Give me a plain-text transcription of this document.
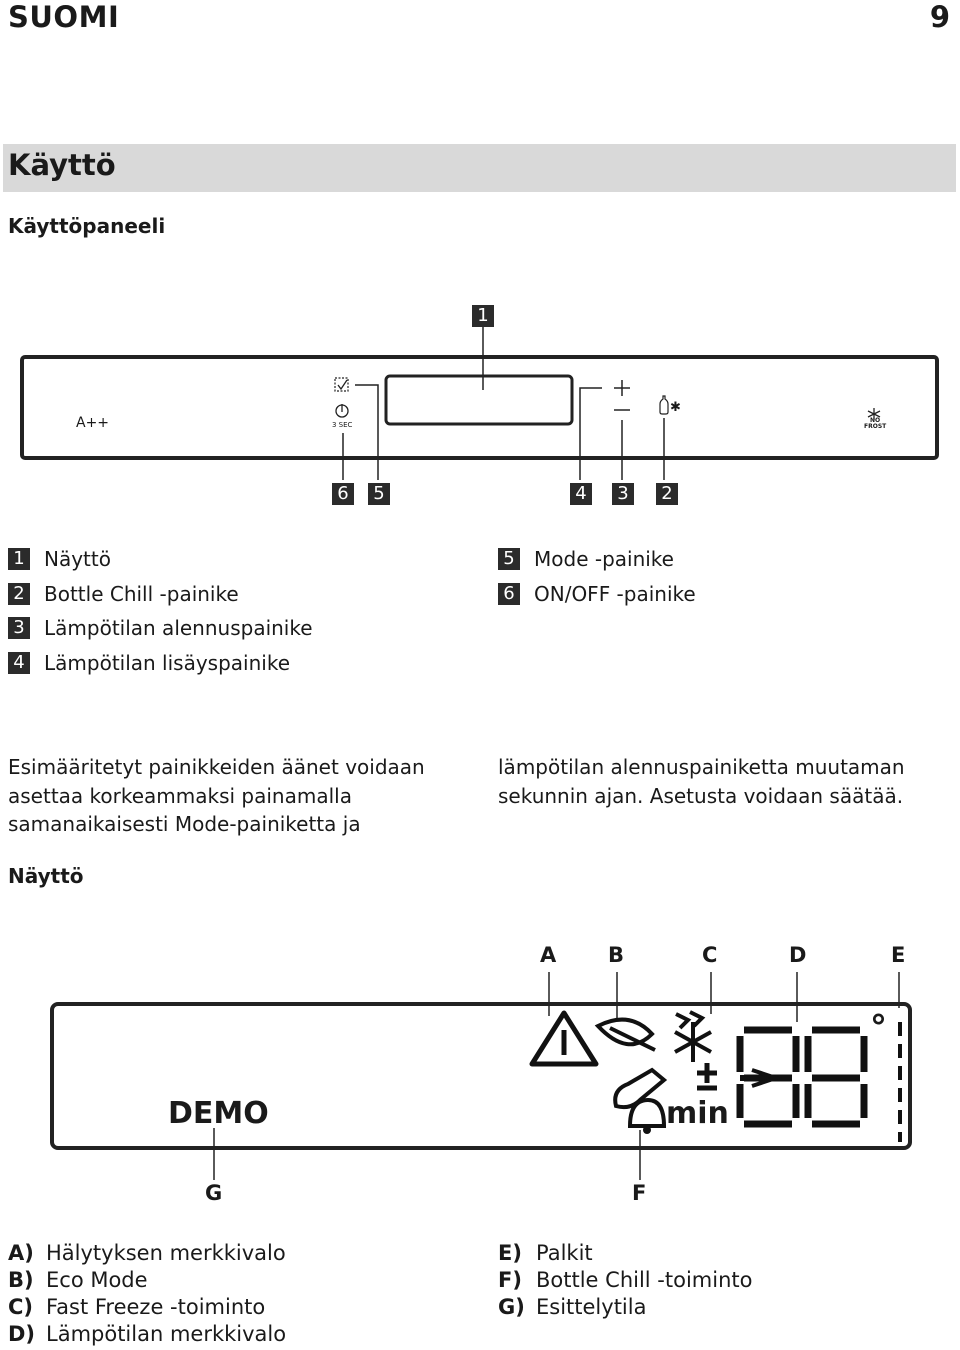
SUOMI	9
Käyttö
Käyttöpaneeli
A++	3 SEC
✱
NO

FROST
1
6 5	4 3 2
1 Näyttö
2 Bottle Chill -painike
3 Lämpötilan alennuspainike
4 Lämpötilan lisäyspainike
5 Mode -painike
6 ON/OFF -painike
Esimääritetyt painikkeiden äänet voidaan
asettaa korkeammaksi painamalla
samanaikaisesti Mode-painiketta ja
lämpötilan alennuspainiketta muutaman
sekunnin ajan. Asetusta voidaan säätää.
Näyttö
DEMO	min
°
A B	C	D	E
G	F
A) Hälytyksen merkkivalo
B) Eco Mode
C) Fast Freeze -toiminto
D) Lämpötilan merkkivalo
E) Palkit
F) Bottle Chill -toiminto
G) Esittelytila
+
—
